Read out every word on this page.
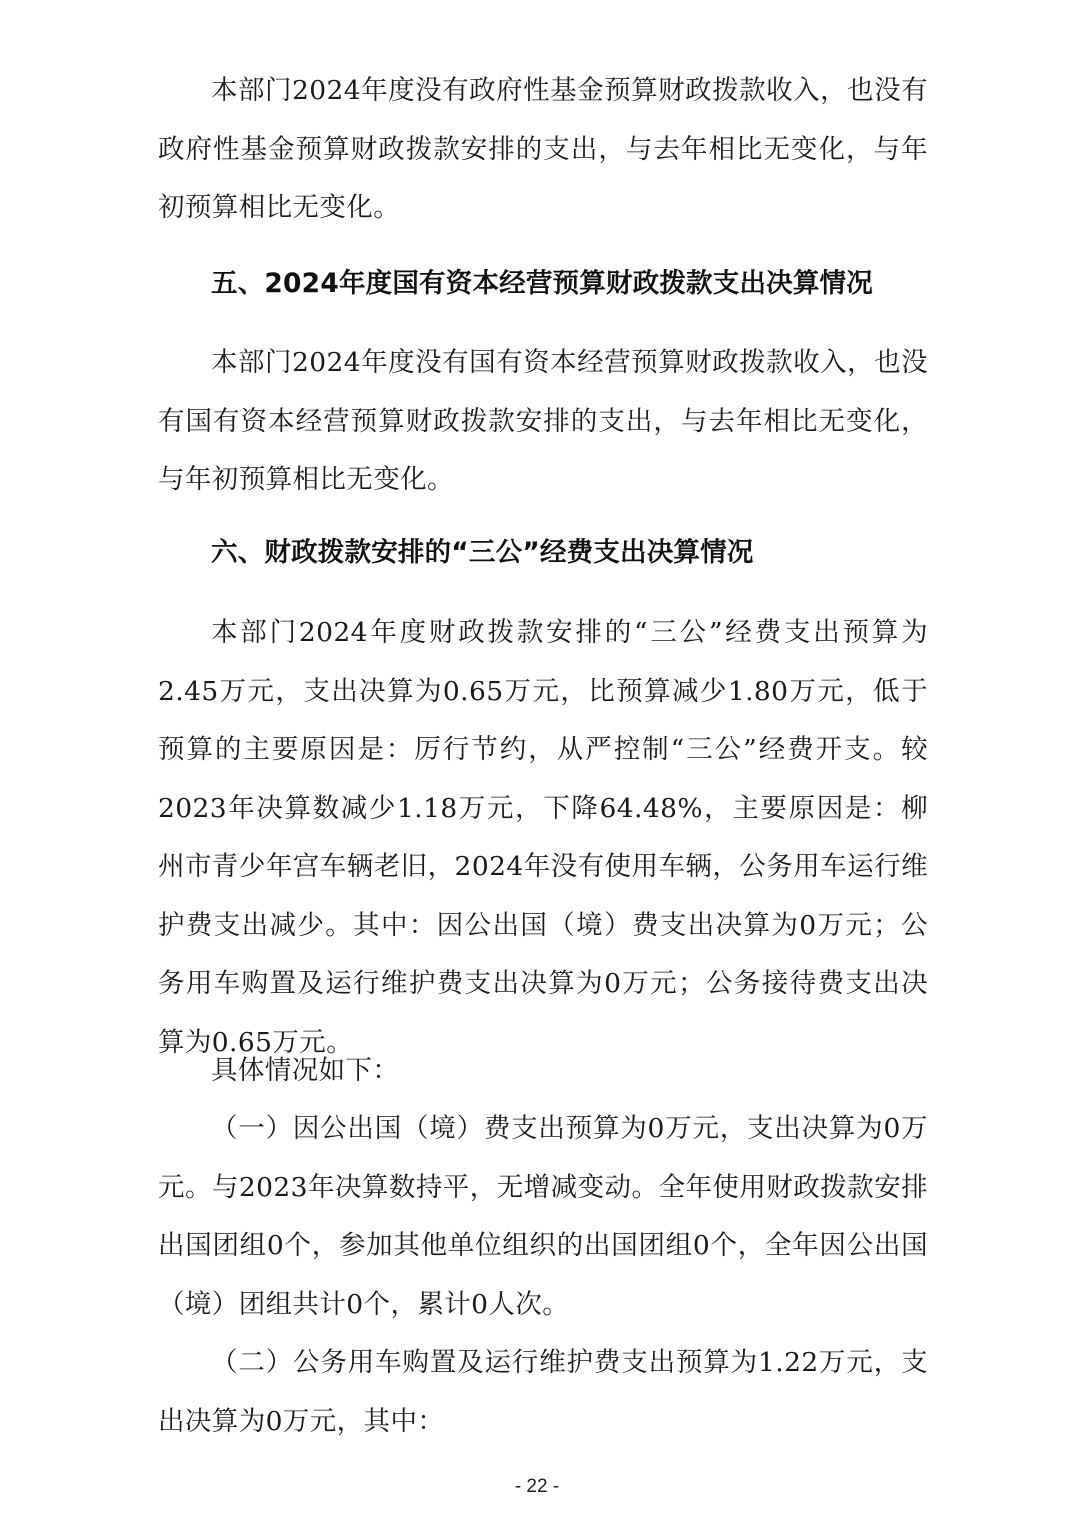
本部门2024年度没有政府性基金预算财政拨款收入，也没有政府性基金预算财政拨款安排的支出，与去年相比无变化，与年初预算相比无变化。

五、2024年度国有资本经营预算财政拨款支出决算情况

本部门2024年度没有国有资本经营预算财政拨款收入，也没有国有资本经营预算财政拨款安排的支出，与去年相比无变化，与年初预算相比无变化。

六、财政拨款安排的“三公”经费支出决算情况

本部门2024年度财政拨款安排的“三公”经费支出预算为2.45万元，支出决算为0.65万元，比预算减少1.80万元，低于预算的主要原因是：厉行节约，从严控制“三公”经费开支。较2023年决算数减少1.18万元，下降64.48%，主要原因是：柳州市青少年宫车辆老旧，2024年没有使用车辆，公务用车运行维护费支出减少。其中：因公出国（境）费支出决算为0万元；公务用车购置及运行维护费支出决算为0万元；公务接待费支出决算为0.65万元。

具体情况如下：

（一）因公出国（境）费支出预算为0万元，支出决算为0万元。与2023年决算数持平，无增减变动。全年使用财政拨款安排出国团组0个，参加其他单位组织的出国团组0个，全年因公出国（境）团组共计0个，累计0人次。

（二）公务用车购置及运行维护费支出预算为1.22万元，支出决算为0万元，其中：

- 22 -
